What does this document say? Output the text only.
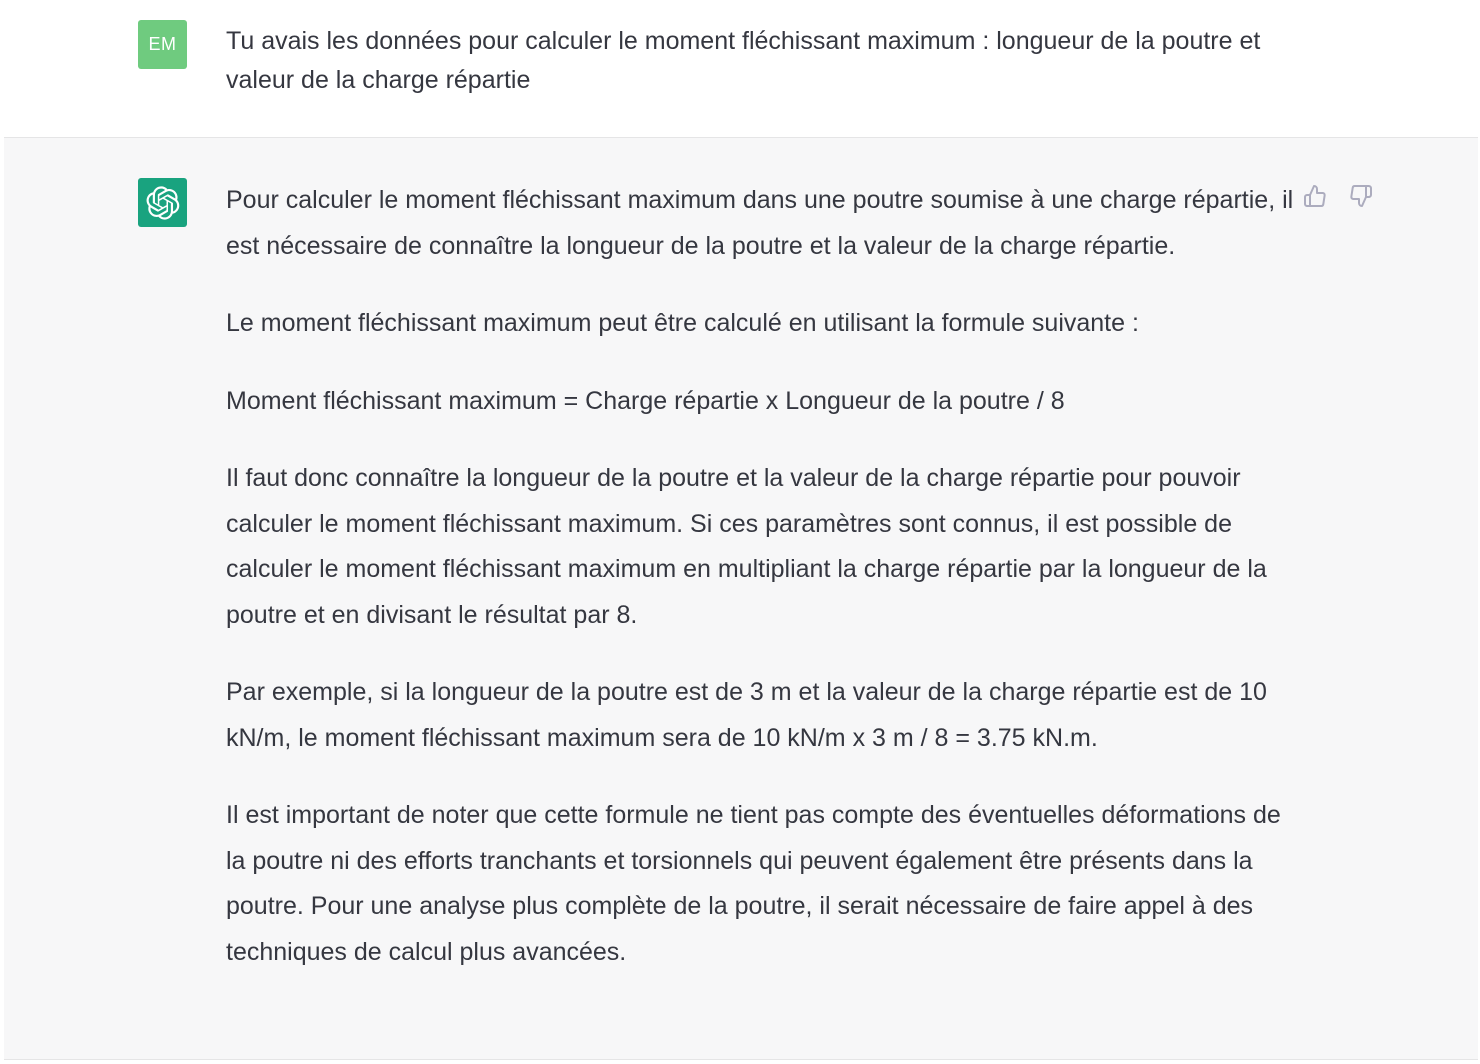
EM	Tu avais les données pour calculer le moment fléchissant maximum : longueur de la poutre et valeur de la charge répartie

Pour calculer le moment fléchissant maximum dans une poutre soumise à une charge répartie, il est nécessaire de connaître la longueur de la poutre et la valeur de la charge répartie.

Le moment fléchissant maximum peut être calculé en utilisant la formule suivante :

Moment fléchissant maximum = Charge répartie x Longueur de la poutre / 8

Il faut donc connaître la longueur de la poutre et la valeur de la charge répartie pour pouvoir calculer le moment fléchissant maximum. Si ces paramètres sont connus, il est possible de calculer le moment fléchissant maximum en multipliant la charge répartie par la longueur de la poutre et en divisant le résultat par 8.

Par exemple, si la longueur de la poutre est de 3 m et la valeur de la charge répartie est de 10 kN/m, le moment fléchissant maximum sera de 10 kN/m x 3 m / 8 = 3.75 kN.m.

Il est important de noter que cette formule ne tient pas compte des éventuelles déformations de la poutre ni des efforts tranchants et torsionnels qui peuvent également être présents dans la poutre. Pour une analyse plus complète de la poutre, il serait nécessaire de faire appel à des techniques de calcul plus avancées.
